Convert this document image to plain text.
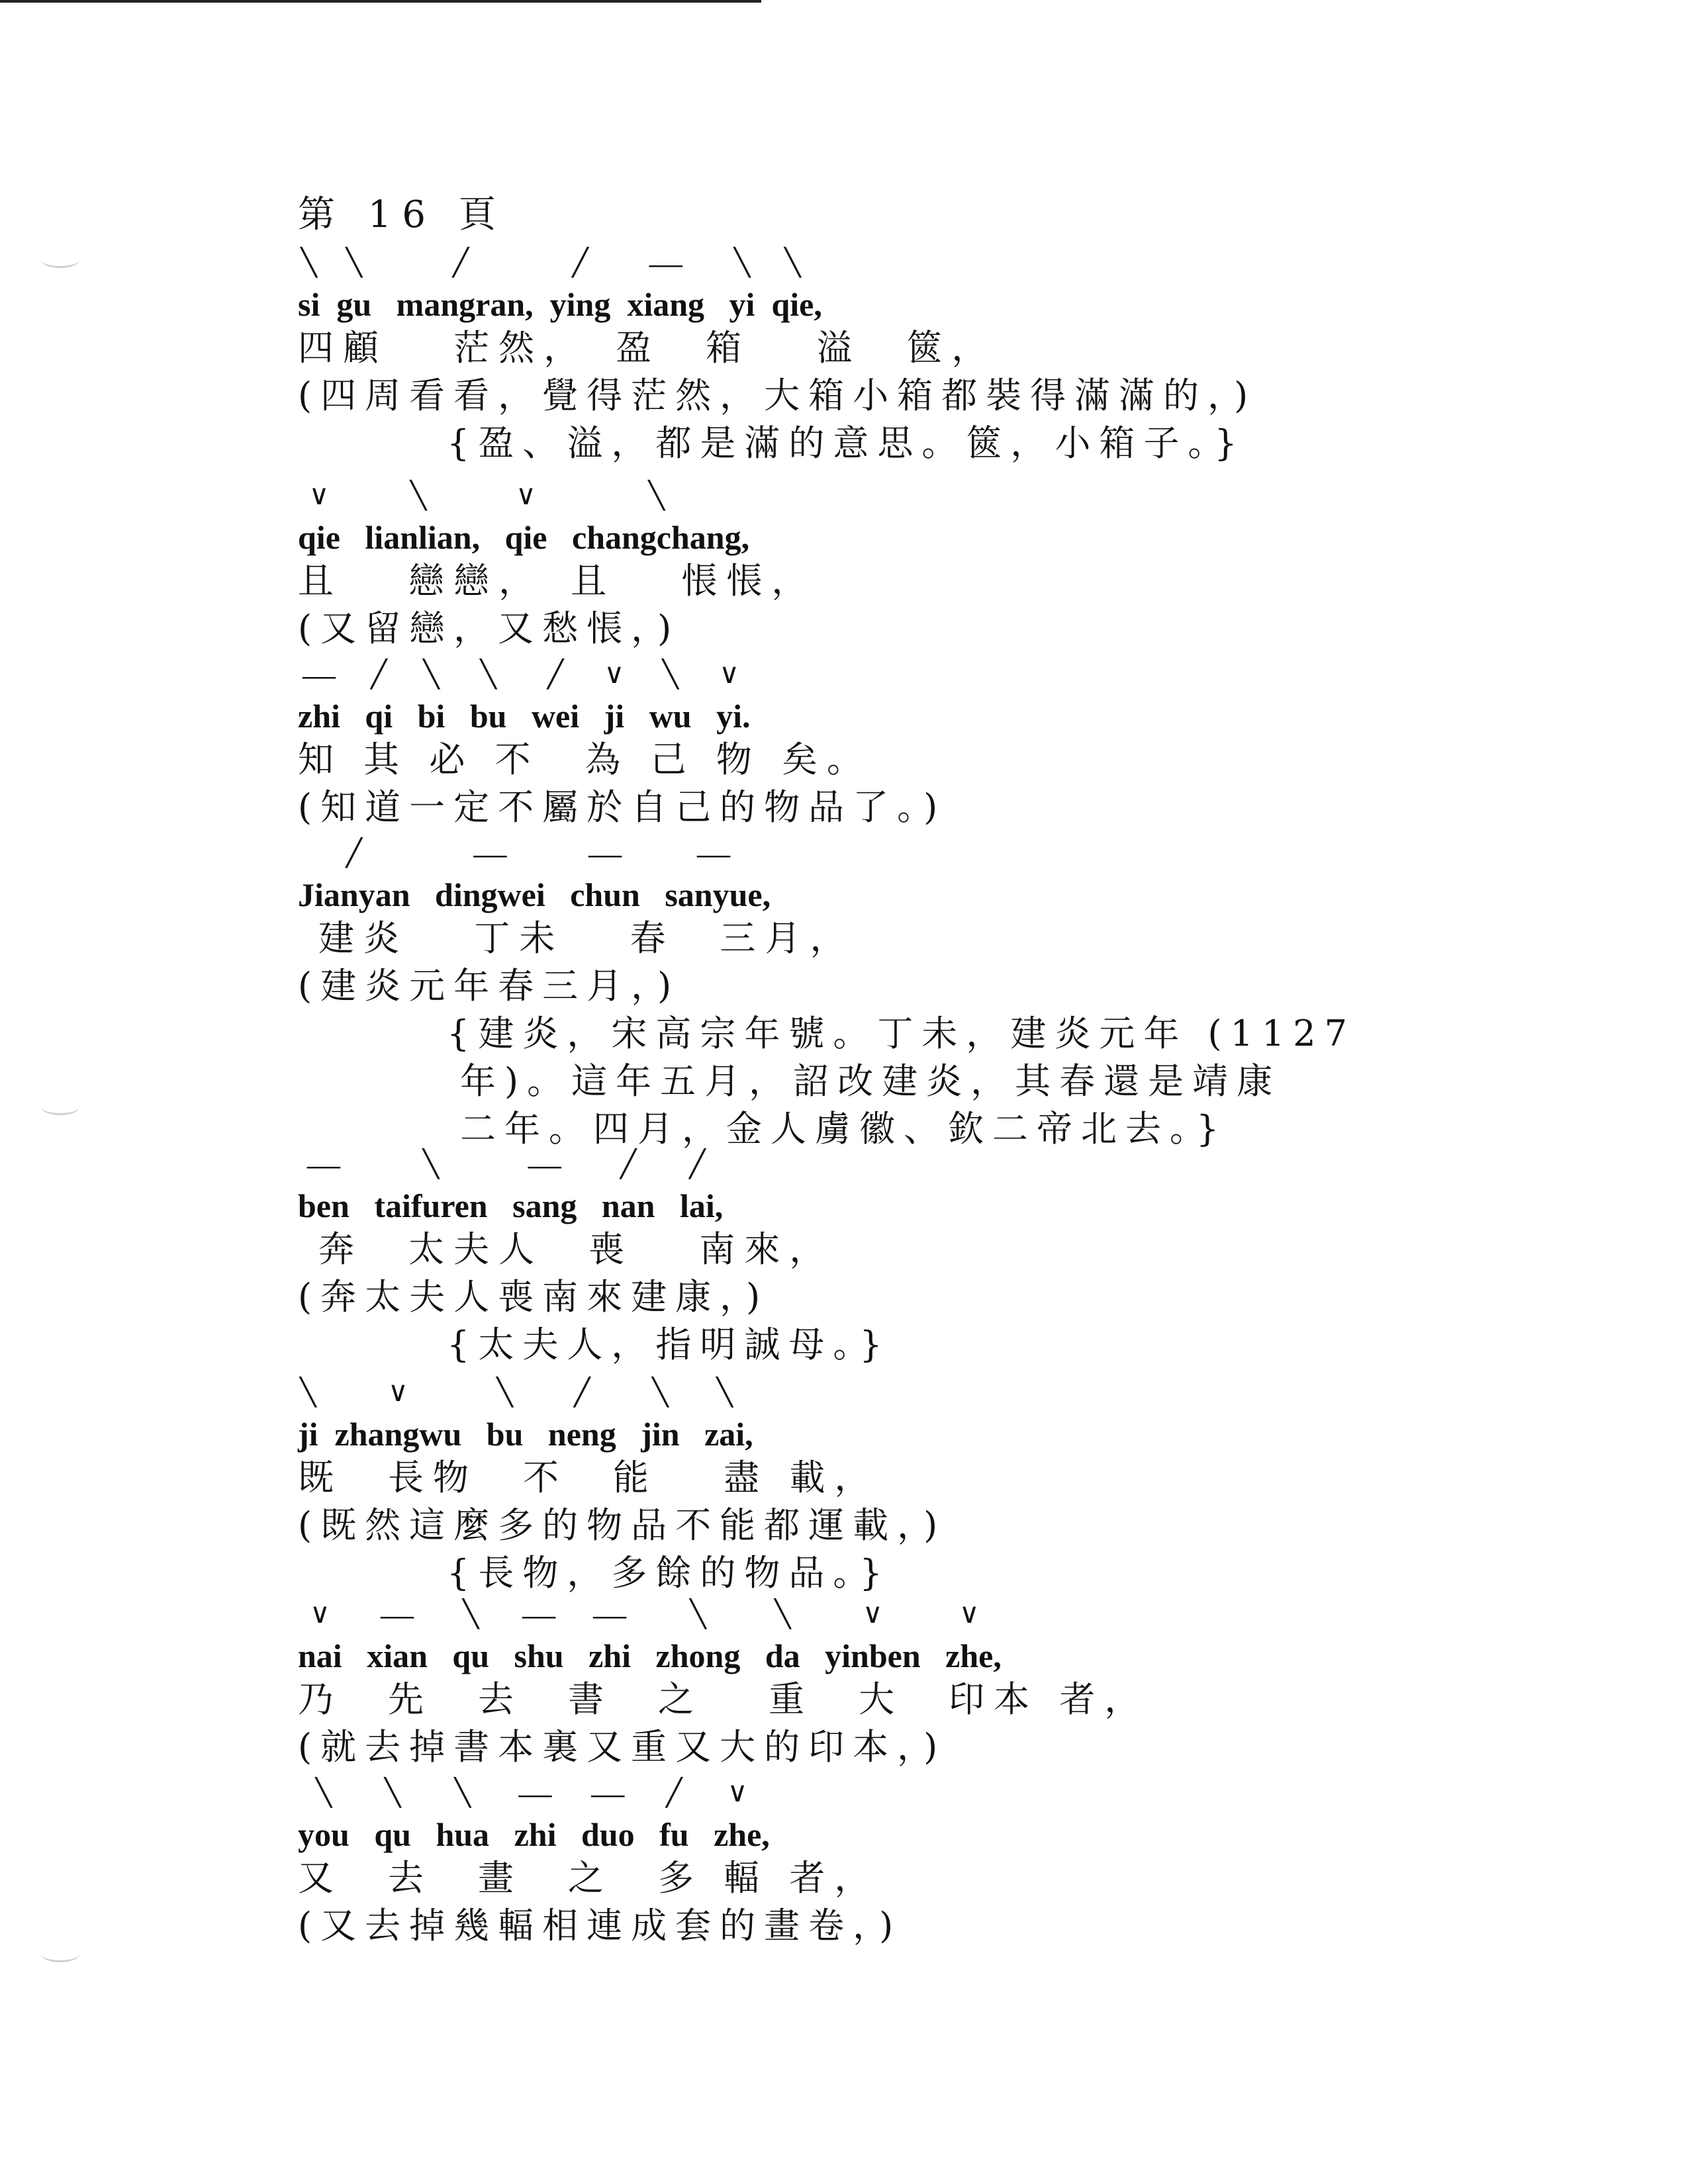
第 16 頁
╲ si ╲ gu ╱ mangran,  ╱ ying — xiang ╲ yi ╲ qie,
四顧　 茫然，　盈　箱　 溢　篋，
(四周看看，覺得茫然，大箱小箱都裝得滿滿的，)
{盈、溢，都是滿的意思。篋，小箱子。}
∨ qie ╲ lianlian,   ∨ qie ╲ changchang,
且　 戀戀，　且　 悵悵，
(又留戀，又愁悵，)
— zhi ╱ qi ╲ bi ╲ bu ╱ wei ∨ ji ╲ wu ∨ yi.
知 其 必 不　為 己 物 矣。
(知道一定不屬於自己的物品了。)
╱ Jianyan — dingwei — chun — sanyue,
建炎　 丁未　 春　三月，
(建炎元年春三月，)
{建炎，宋高宗年號。丁未，建炎元年 (1127
年)。這年五月，詔改建炎，其春還是靖康
二年。四月，金人虜徽、欽二帝北去。}
— ben ╲ taifuren — sang ╱ nan ╱ lai,
奔　太夫人　喪　 南來，
(奔太夫人喪南來建康，)
{太夫人，指明誠母。}
╲ ji ∨ zhangwu ╲ bu ╱ neng ╲ jin ╲ zai,
既　長物　不　能　 盡 載，
(既然這麼多的物品不能都運載，)
{長物，多餘的物品。}
∨ nai — xian ╲ qu — shu — zhi ╲ zhong ╲ da ∨ yinben ∨ zhe,
乃　先　去　書　之　 重　大　印本 者，
(就去掉書本裏又重又大的印本，)
╲ you ╲ qu ╲ hua — zhi — duo ╱ fu ∨ zhe,
又　去　畫　之　多 輻 者，
(又去掉幾輻相連成套的畫卷，)
